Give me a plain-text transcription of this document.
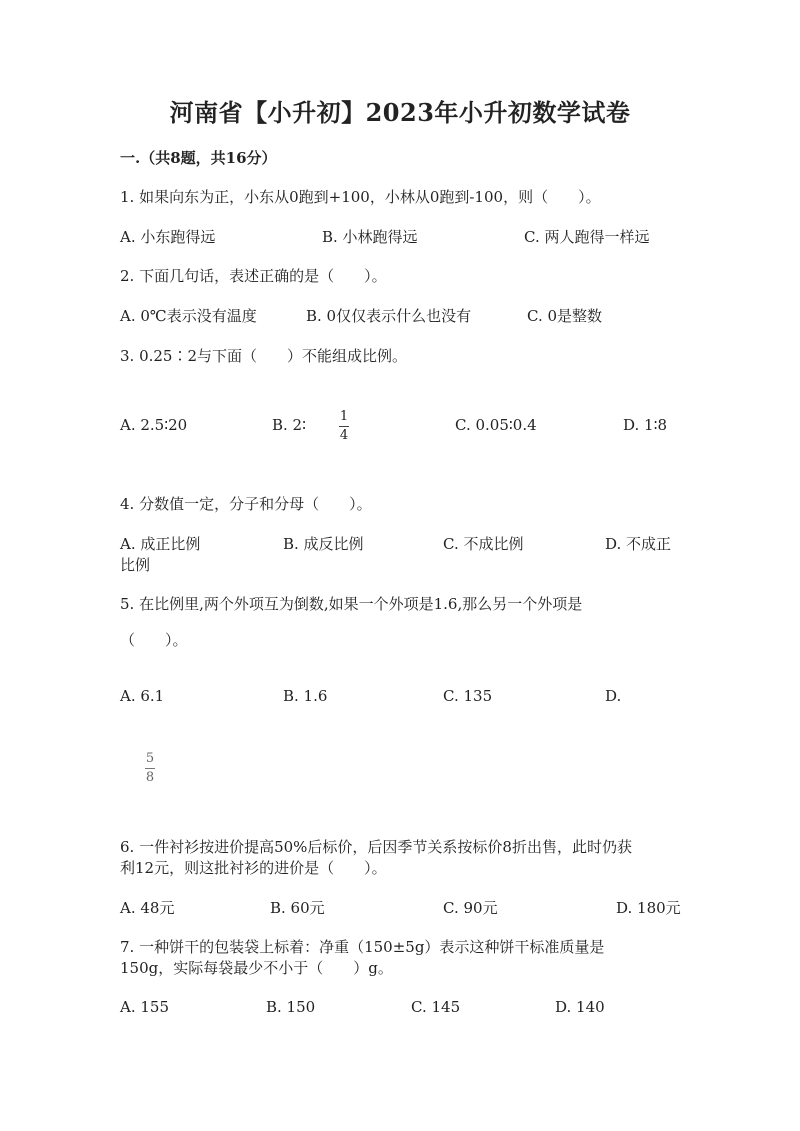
河南省【小升初】2023年小升初数学试卷
一.（共8题，共16分）
1. 如果向东为正，小东从0跑到+100，小林从0跑到-100，则（　　）。
A. 小东跑得远	B. 小林跑得远	C. 两人跑得一样远
2. 下面几句话，表述正确的是（　　）。
A. 0℃表示没有温度	B. 0仅仅表示什么也没有	C. 0是整数
3. 0.25∶2与下面（　　）不能组成比例。
A. 2.5∶20	B. 2∶	1
4
C. 0.05∶0.4	D. 1∶8
4. 分数值一定，分子和分母（　　）。
A. 成正比例	B. 成反比例	C. 不成比例	D. 不成正
比例
5. 在比例里,两个外项互为倒数,如果一个外项是1.6,那么另一个外项是
（　　）。
A. 6.1	B. 1.6	C. 135	D.
5
8
6. 一件衬衫按进价提高50%后标价，后因季节关系按标价8折出售，此时仍获
利12元，则这批衬衫的进价是（　　）。
A. 48元	B. 60元	C. 90元	D. 180元
7. 一种饼干的包装袋上标着：净重（150±5g）表示这种饼干标准质量是
150g，实际每袋最少不小于（　　）g。
A. 155	B. 150	C. 145	D. 140
